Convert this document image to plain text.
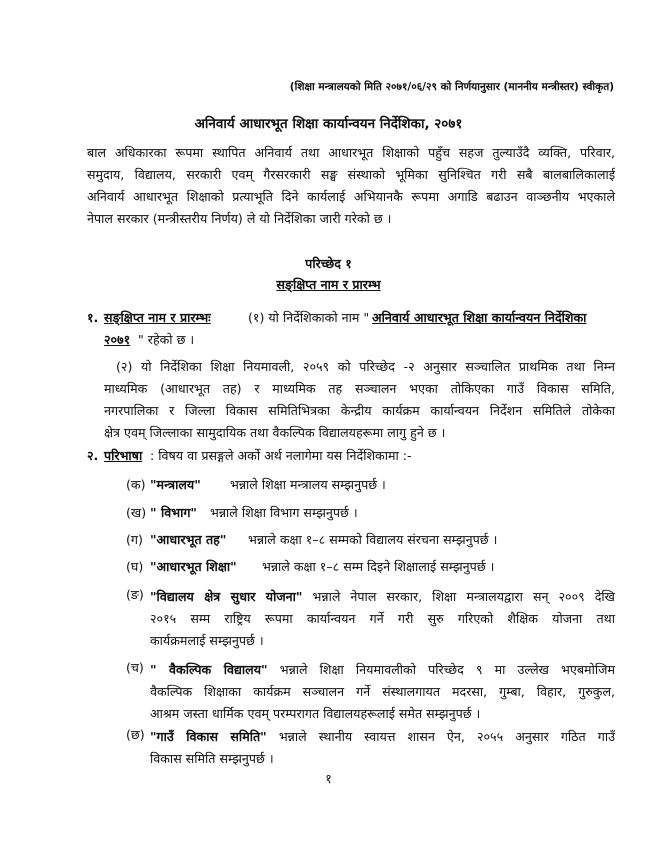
(शिक्षा मन्त्रालयको मिति २०७१/०६/२९ को निर्णयानुसार (माननीय मन्त्रीस्तर) स्वीकृत)
अनिवार्य आधारभूत शिक्षा कार्यान्वयन निर्देशिका, २०७१
बाल अधिकारका रूपमा स्थापित अनिवार्य तथा आधारभूत शिक्षाको पहुँच सहज तुल्याउँदै व्यक्ति, परिवार,
समुदाय, विद्यालय, सरकारी एवम् गैरसरकारी सङ्घ संस्थाको भूमिका सुनिश्चित गरी सबै बालबालिकालाई
अनिवार्य आधारभूत शिक्षाको प्रत्याभूति दिने कार्यलाई अभियानकै रूपमा अगाडि बढाउन वाञ्छनीय भएकाले
नेपाल सरकार (मन्त्रीस्तरीय निर्णय) ले यो निर्देशिका जारी गरेको छ ।
परिच्छेद १
सङ्क्षिप्त नाम र प्रारम्भ
१. सङ्क्षिप्त नाम र प्रारम्भः	(१) यो निर्देशिकाको नाम " अनिवार्य आधारभूत शिक्षा कार्यान्वयन निर्देशिका
२०७१ " रहेको छ ।
(२) यो निर्देशिका शिक्षा नियमावली, २०५९ को परिच्छेद -२ अनुसार सञ्चालित प्राथमिक तथा निम्न
माध्यमिक (आधारभूत तह) र माध्यमिक तह सञ्चालन भएका तोकिएका गाउँ विकास समिति,
नगरपालिका र जिल्ला विकास समितिभित्रका केन्द्रीय कार्यक्रम कार्यान्वयन निर्देशन समितिले तोकेका
क्षेत्र एवम् जिल्लाका सामुदायिक तथा वैकल्पिक विद्यालयहरूमा लागु हुने छ ।
२. परिभाषा : विषय वा प्रसङ्गले अर्को अर्थ नलागेमा यस निर्देशिकामा :-
(क) "मन्त्रालय" भन्नाले शिक्षा मन्त्रालय सम्झनुपर्छ ।
(ख) " विभाग" भन्नाले शिक्षा विभाग सम्झनुपर्छ ।
(ग) "आधारभूत तह" भन्नाले कक्षा १–८ सम्मको विद्यालय संरचना सम्झनुपर्छ ।
(घ) "आधारभूत शिक्षा" भन्नाले कक्षा १–८ सम्म दिइने शिक्षालाई सम्झनुपर्छ ।
(ङ) "विद्यालय क्षेत्र सुधार योजना" भन्नाले नेपाल सरकार, शिक्षा मन्त्रालयद्वारा सन् २००९ देखि
२०१५ सम्म राष्ट्रिय रूपमा कार्यान्वयन गर्ने गरी सुरु गरिएको शैक्षिक योजना तथा
कार्यक्रमलाई सम्झनुपर्छ ।
(च) " वैकल्पिक विद्यालय" भन्नाले शिक्षा नियमावलीको परिच्छेद ९ मा उल्लेख भएबमोजिम
वैकल्पिक शिक्षाका कार्यक्रम सञ्चालन गर्ने संस्थालगायत मदरसा, गुम्बा, विहार, गुरुकुल,
आश्रम जस्ता धार्मिक एवम् परम्परागत विद्यालयहरूलाई समेत सम्झनुपर्छ ।
(छ) "गाउँ विकास समिति" भन्नाले स्थानीय स्वायत्त शासन ऐन, २०५५ अनुसार गठित गाउँ
विकास समिति सम्झनुपर्छ ।
१
